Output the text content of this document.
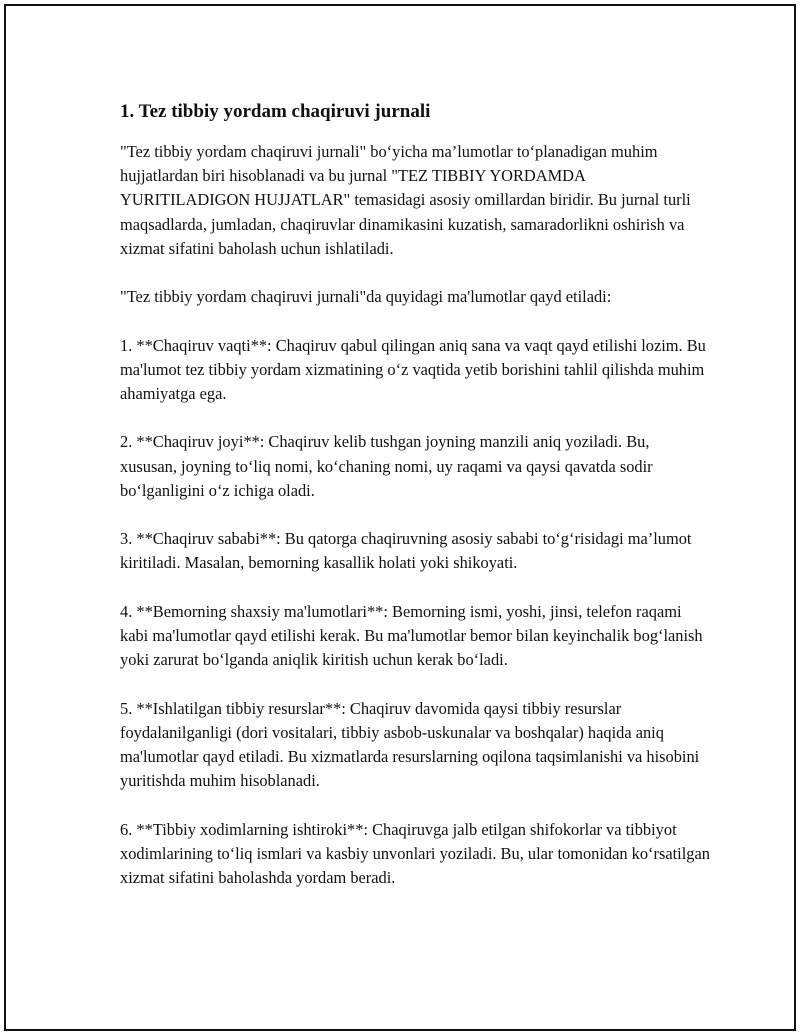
1. Tez tibbiy yordam chaqiruvi jurnali

"Tez tibbiy yordam chaqiruvi jurnali" bo‘yicha ma’lumotlar to‘planadigan muhim hujjatlardan biri hisoblanadi va bu jurnal "TEZ TIBBIY YORDAMDA YURITILADIGON HUJJATLAR" temasidagi asosiy omillardan biridir. Bu jurnal turli maqsadlarda, jumladan, chaqiruvlar dinamikasini kuzatish, samaradorlikni oshirish va xizmat sifatini baholash uchun ishlatiladi.

"Tez tibbiy yordam chaqiruvi jurnali"da quyidagi ma'lumotlar qayd etiladi:

1. **Chaqiruv vaqti**: Chaqiruv qabul qilingan aniq sana va vaqt qayd etilishi lozim. Bu ma'lumot tez tibbiy yordam xizmatining o‘z vaqtida yetib borishini tahlil qilishda muhim ahamiyatga ega.

2. **Chaqiruv joyi**: Chaqiruv kelib tushgan joyning manzili aniq yoziladi. Bu, xususan, joyning to‘liq nomi, ko‘chaning nomi, uy raqami va qaysi qavatda sodir bo‘lganligini o‘z ichiga oladi.

3. **Chaqiruv sababi**: Bu qatorga chaqiruvning asosiy sababi to‘g‘risidagi ma’lumot kiritiladi. Masalan, bemorning kasallik holati yoki shikoyati.

4. **Bemorning shaxsiy ma'lumotlari**: Bemorning ismi, yoshi, jinsi, telefon raqami kabi ma'lumotlar qayd etilishi kerak. Bu ma'lumotlar bemor bilan keyinchalik bog‘lanish yoki zarurat bo‘lganda aniqlik kiritish uchun kerak bo‘ladi.

5. **Ishlatilgan tibbiy resurslar**: Chaqiruv davomida qaysi tibbiy resurslar foydalanilganligi (dori vositalari, tibbiy asbob-uskunalar va boshqalar) haqida aniq ma'lumotlar qayd etiladi. Bu xizmatlarda resurslarning oqilona taqsimlanishi va hisobini yuritishda muhim hisoblanadi.

6. **Tibbiy xodimlarning ishtiroki**: Chaqiruvga jalb etilgan shifokorlar va tibbiyot xodimlarining to‘liq ismlari va kasbiy unvonlari yoziladi. Bu, ular tomonidan ko‘rsatilgan xizmat sifatini baholashda yordam beradi.
